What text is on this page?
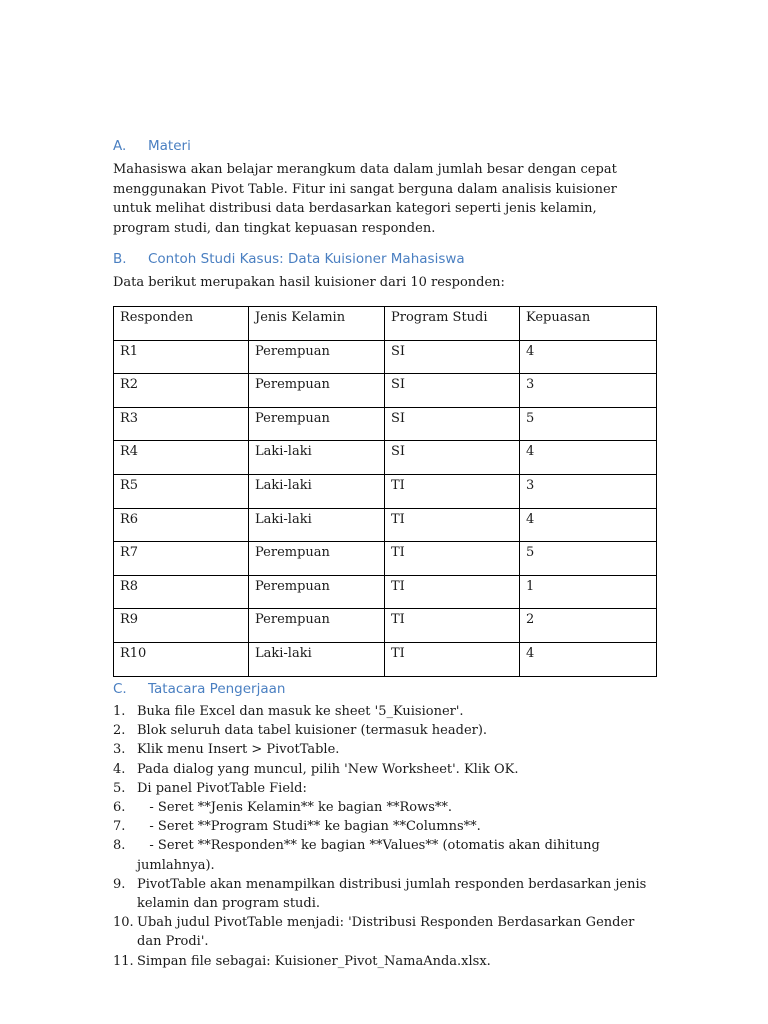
A. Materi

Mahasiswa akan belajar merangkum data dalam jumlah besar dengan cepat menggunakan Pivot Table. Fitur ini sangat berguna dalam analisis kuisioner untuk melihat distribusi data berdasarkan kategori seperti jenis kelamin, program studi, dan tingkat kepuasan responden.

B. Contoh Studi Kasus: Data Kuisioner Mahasiswa

Data berikut merupakan hasil kuisioner dari 10 responden:

Responden	Jenis Kelamin	Program Studi	Kepuasan
R1	Perempuan	SI	4
R2	Perempuan	SI	3
R3	Perempuan	SI	5
R4	Laki-laki	SI	4
R5	Laki-laki	TI	3
R6	Laki-laki	TI	4
R7	Perempuan	TI	5
R8	Perempuan	TI	1
R9	Perempuan	TI	2
R10	Laki-laki	TI	4
C. Tatacara Pengerjaan
1. Buka file Excel dan masuk ke sheet '5_Kuisioner'.
2. Blok seluruh data tabel kuisioner (termasuk header).
3. Klik menu Insert > PivotTable.
4. Pada dialog yang muncul, pilih 'New Worksheet'. Klik OK.
5. Di panel PivotTable Field:
6. - Seret **Jenis Kelamin** ke bagian **Rows**.
7. - Seret **Program Studi** ke bagian **Columns**.
8. - Seret **Responden** ke bagian **Values** (otomatis akan dihitung jumlahnya).
9. PivotTable akan menampilkan distribusi jumlah responden berdasarkan jenis kelamin dan program studi.
10. Ubah judul PivotTable menjadi: 'Distribusi Responden Berdasarkan Gender dan Prodi'.
11. Simpan file sebagai: Kuisioner_Pivot_NamaAnda.xlsx.
